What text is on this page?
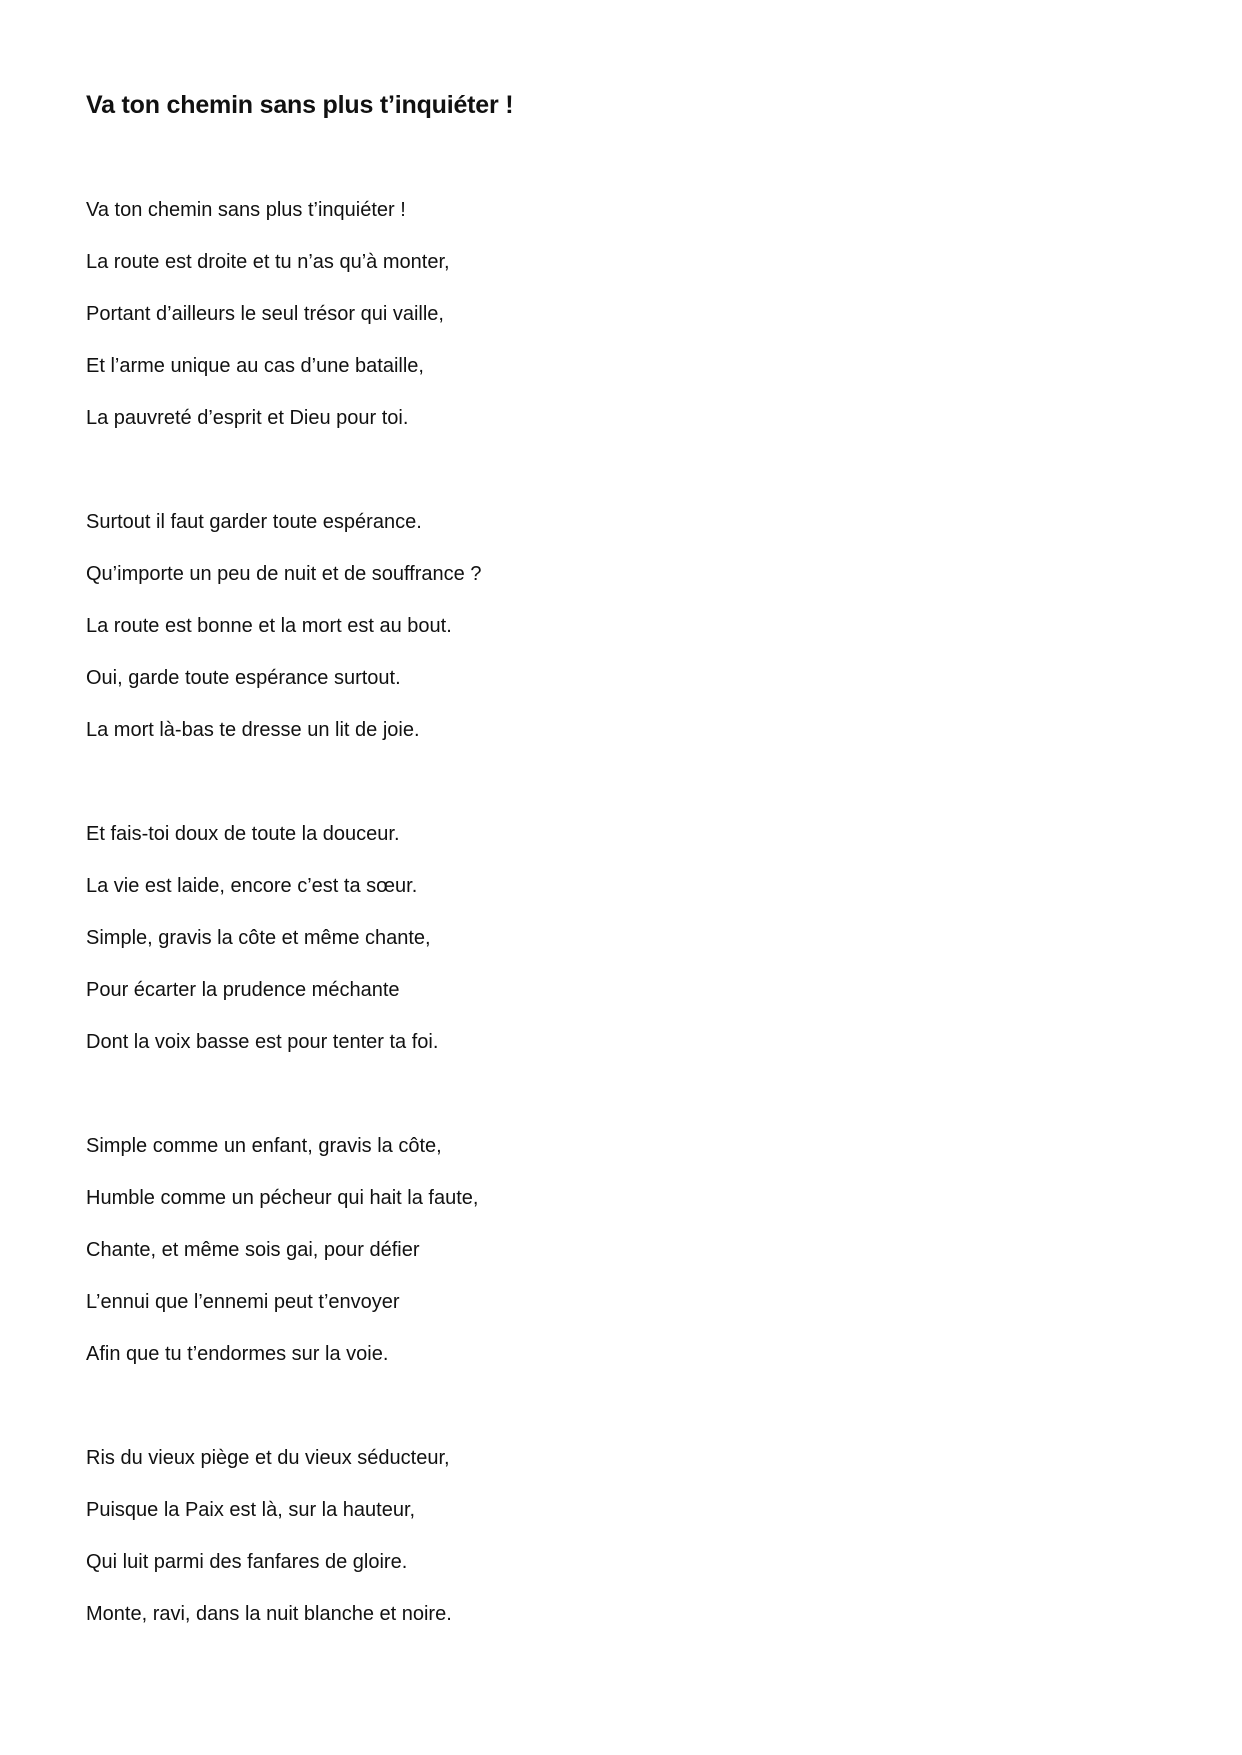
Va ton chemin sans plus t’inquiéter !
Va ton chemin sans plus t’inquiéter !
La route est droite et tu n’as qu’à monter,
Portant d’ailleurs le seul trésor qui vaille,
Et l’arme unique au cas d’une bataille,
La pauvreté d’esprit et Dieu pour toi.
Surtout il faut garder toute espérance.
Qu’importe un peu de nuit et de souffrance ?
La route est bonne et la mort est au bout.
Oui, garde toute espérance surtout.
La mort là-bas te dresse un lit de joie.
Et fais-toi doux de toute la douceur.
La vie est laide, encore c’est ta sœur.
Simple, gravis la côte et même chante,
Pour écarter la prudence méchante
Dont la voix basse est pour tenter ta foi.
Simple comme un enfant, gravis la côte,
Humble comme un pécheur qui hait la faute,
Chante, et même sois gai, pour défier
L’ennui que l’ennemi peut t’envoyer
Afin que tu t’endormes sur la voie.
Ris du vieux piège et du vieux séducteur,
Puisque la Paix est là, sur la hauteur,
Qui luit parmi des fanfares de gloire.
Monte, ravi, dans la nuit blanche et noire.
